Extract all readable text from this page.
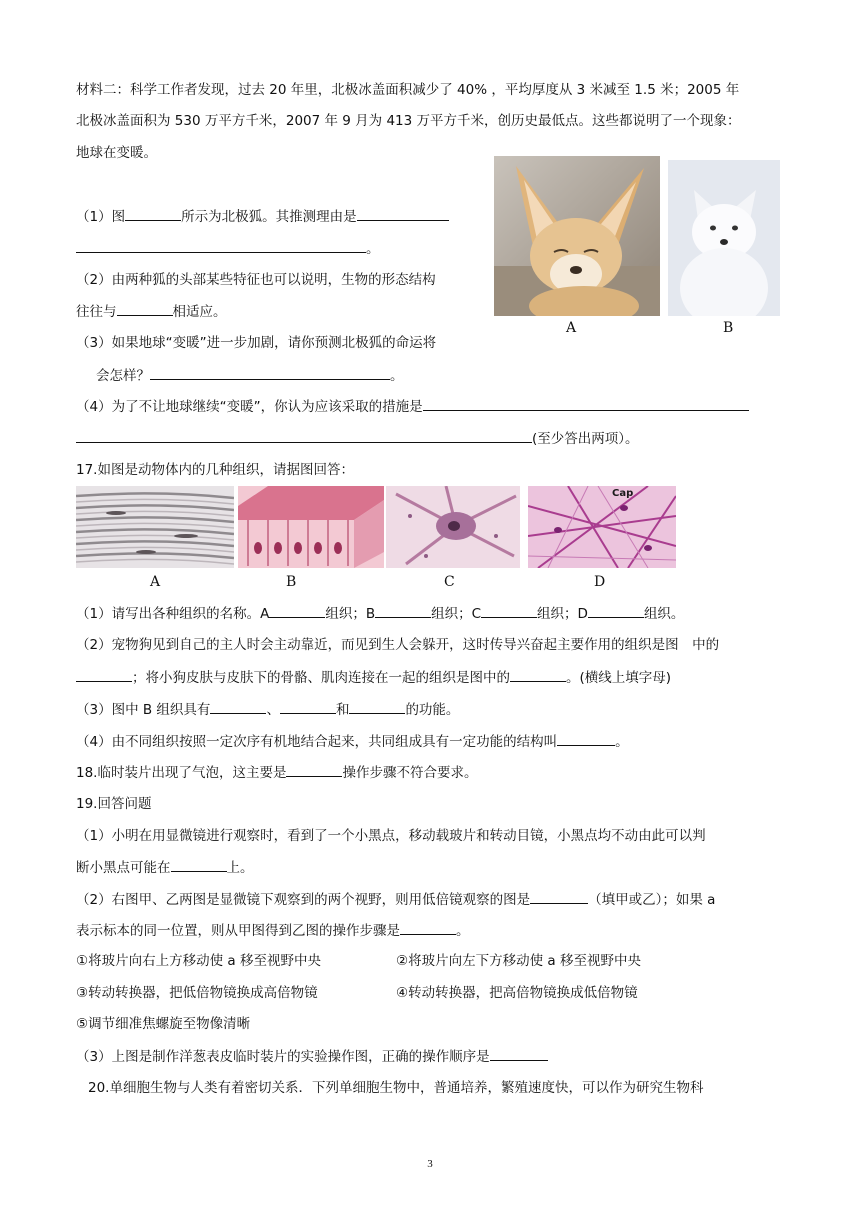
材料二：科学工作者发现，过去 20 年里，北极冰盖面积减少了 40% ，平均厚度从 3 米减至 1.5 米；2005 年
北极冰盖面积为 530 万平方千米，2007 年 9 月为 413 万平方千米，创历史最低点。这些都说明了一个现象：
地球在变暖。
A	B
（1）图	所示为北极狐。其推测理由是
。
（2）由两种狐的头部某些特征也可以说明，生物的形态结构
往往与	相适应。
（3）如果地球“变暖”进一步加剧，请你预测北极狐的命运将
会怎样？	。
（4）为了不让地球继续“变暖”，你认为应该采取的措施是
(至少答出两项）。
17.如图是动物体内的几种组织，请据图回答：
Cap
A	B	C	D
（1）请写出各种组织的名称。A	组织；B	组织；C	组织；D	组织。
（2）宠物狗见到自己的主人时会主动靠近，而见到生人会躲开，这时传导兴奋起主要作用的组织是图　中的
；将小狗皮肤与皮肤下的骨骼、肌肉连接在一起的组织是图中的	。(横线上填字母)
（3）图中 B 组织具有	、	和	的功能。
（4）由不同组织按照一定次序有机地结合起来，共同组成具有一定功能的结构叫	。
18.临时装片出现了气泡，这主要是	操作步骤不符合要求。
19.回答问题
（1）小明在用显微镜进行观察时，看到了一个小黑点，移动载玻片和转动目镜，小黑点均不动由此可以判
断小黑点可能在	上。
（2）右图甲、乙两图是显微镜下观察到的两个视野，则用低倍镜观察的图是	（填甲或乙）；如果 a
表示标本的同一位置，则从甲图得到乙图的操作步骤是	。
①将玻片向右上方移动使 a 移至视野中央	②将玻片向左下方移动使 a 移至视野中央
③转动转换器，把低倍物镜换成高倍物镜	④转动转换器，把高倍物镜换成低倍物镜
⑤调节细准焦螺旋至物像清晰
（3）上图是制作洋葱表皮临时装片的实验操作图，正确的操作顺序是
20.单细胞生物与人类有着密切关系．下列单细胞生物中，普通培养，繁殖速度快，可以作为研究生物科
3
